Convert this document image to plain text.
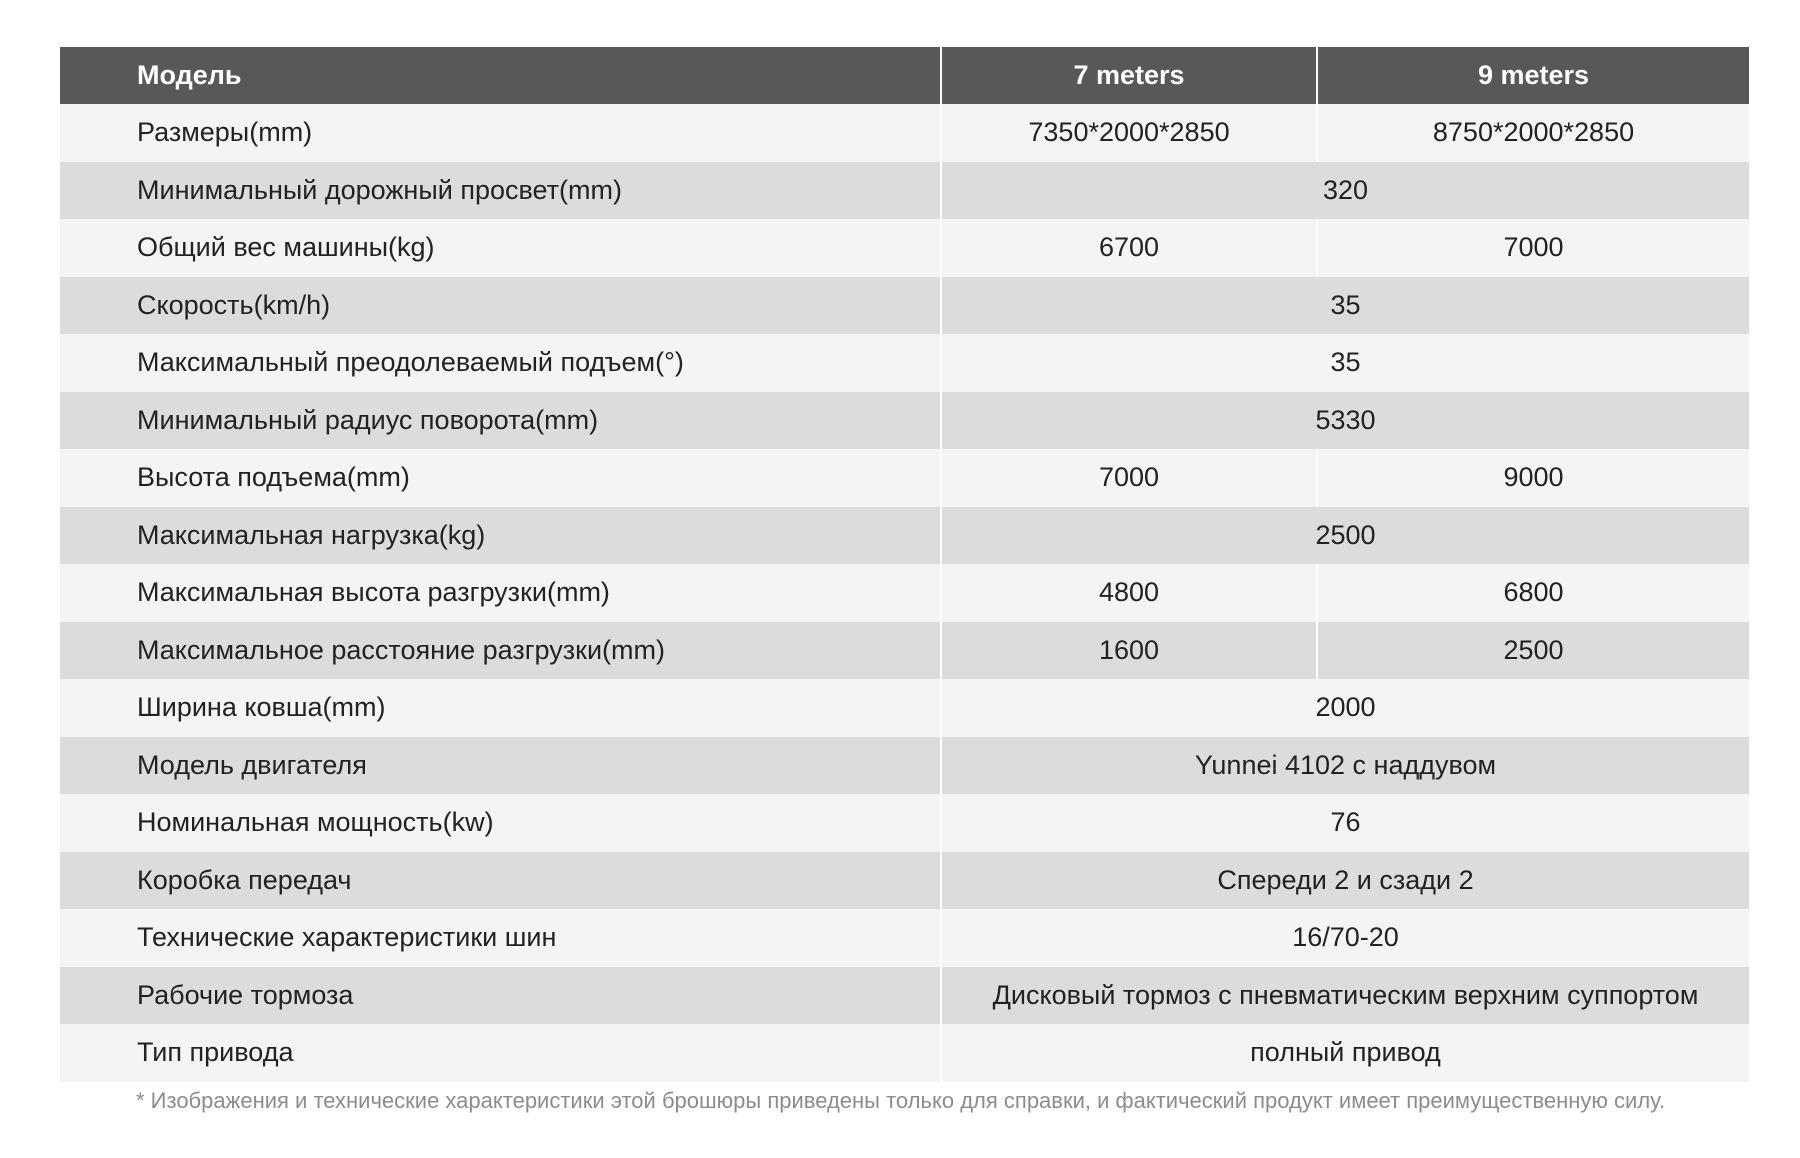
Модель	7 meters	9 meters
Размеры(mm)	7350*2000*2850	8750*2000*2850
Минимальный дорожный просвет(mm)	320	
Общий вес машины(kg)	6700	7000
Скорость(km/h)	35	
Максимальный преодолеваемый подъем(°)	35	
Минимальный радиус поворота(mm)	5330	
Высота подъема(mm)	7000	9000
Максимальная нагрузка(kg)	2500	
Максимальная высота разгрузки(mm)	4800	6800
Максимальное расстояние разгрузки(mm)	1600	2500
Ширина ковша(mm)	2000	
Модель двигателя	Yunnei 4102 с наддувом	
Номинальная мощность(kw)	76	
Коробка передач	Спереди 2 и сзади 2	
Технические характеристики шин	16/70-20	
Рабочие тормоза	Дисковый тормоз с пневматическим верхним суппортом	
Тип привода	полный привод	
* Изображения и технические характеристики этой брошюры приведены только для справки, и фактический продукт имеет преимущественную силу.
